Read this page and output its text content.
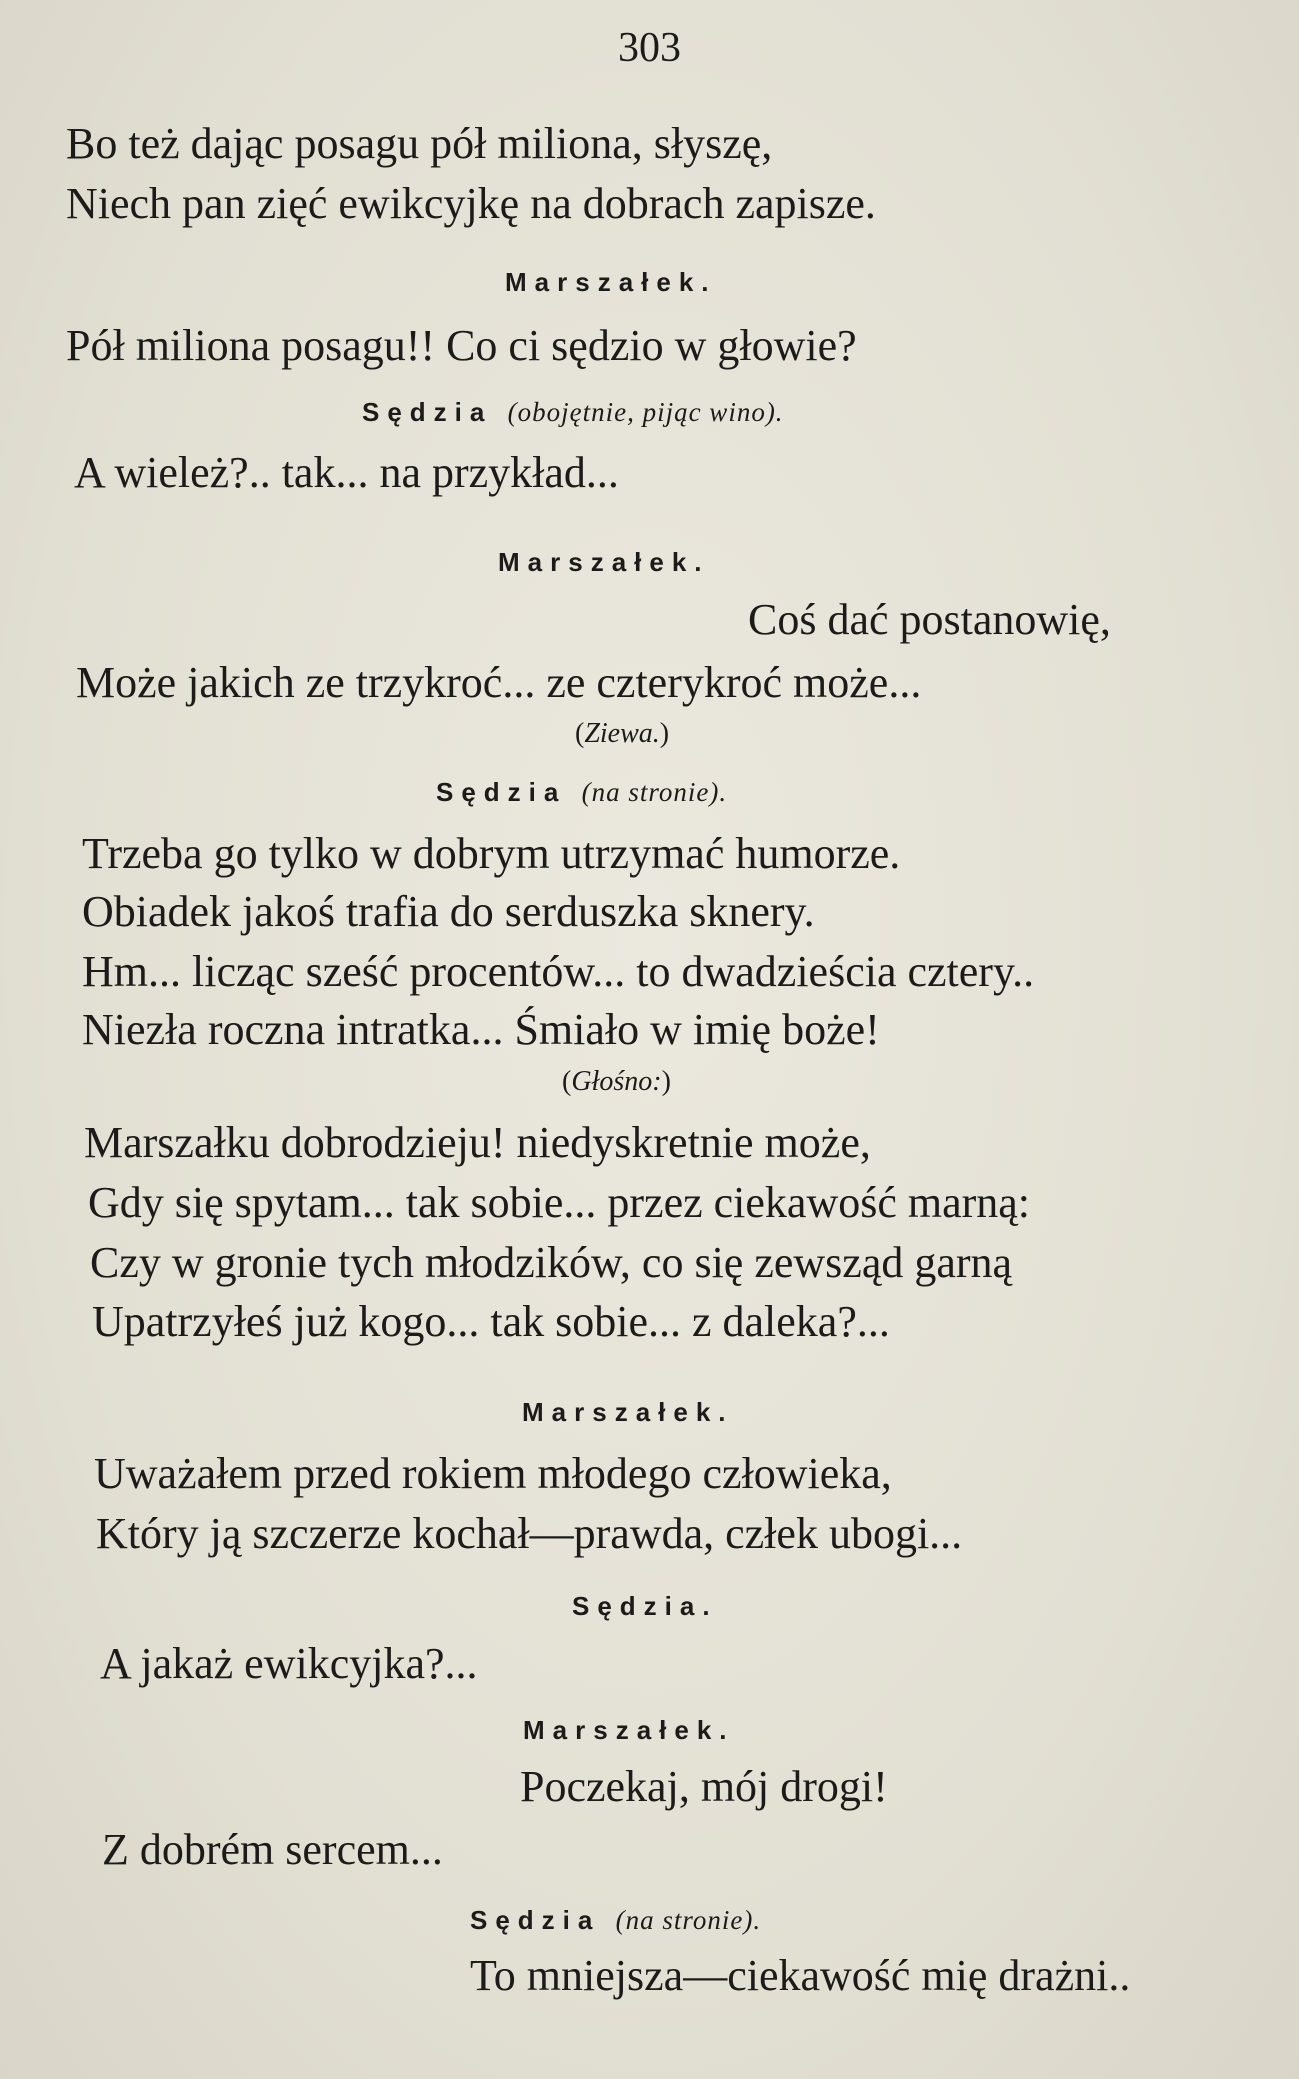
303
Bo też dając posagu pół miliona, słyszę,
Niech pan zięć ewikcyjkę na dobrach zapisze.
Marszałek.
Pół miliona posagu!! Co ci sędzio w głowie?
Sędzia (obojętnie, pijąc wino).
A wieleż?.. tak... na przykład...
Marszałek.
Coś dać postanowię,
Może jakich ze trzykroć... ze czterykroć może...
(Ziewa.)
Sędzia (na stronie).
Trzeba go tylko w dobrym utrzymać humorze.
Obiadek jakoś trafia do serduszka sknery.
Hm... licząc sześć procentów... to dwadzieścia cztery..
Niezła roczna intratka... Śmiało w imię boże!
(Głośno:)
Marszałku dobrodzieju! niedyskretnie może,
Gdy się spytam... tak sobie... przez ciekawość marną:
Czy w gronie tych młodzików, co się zewsząd garną
Upatrzyłeś już kogo... tak sobie... z daleka?...
Marszałek.
Uważałem przed rokiem młodego człowieka,
Który ją szczerze kochał—prawda, człek ubogi...
Sędzia.
A jakaż ewikcyjka?...
Marszałek.
Poczekaj, mój drogi!
Z dobrém sercem...
Sędzia (na stronie).
To mniejsza—ciekawość mię drażni..
